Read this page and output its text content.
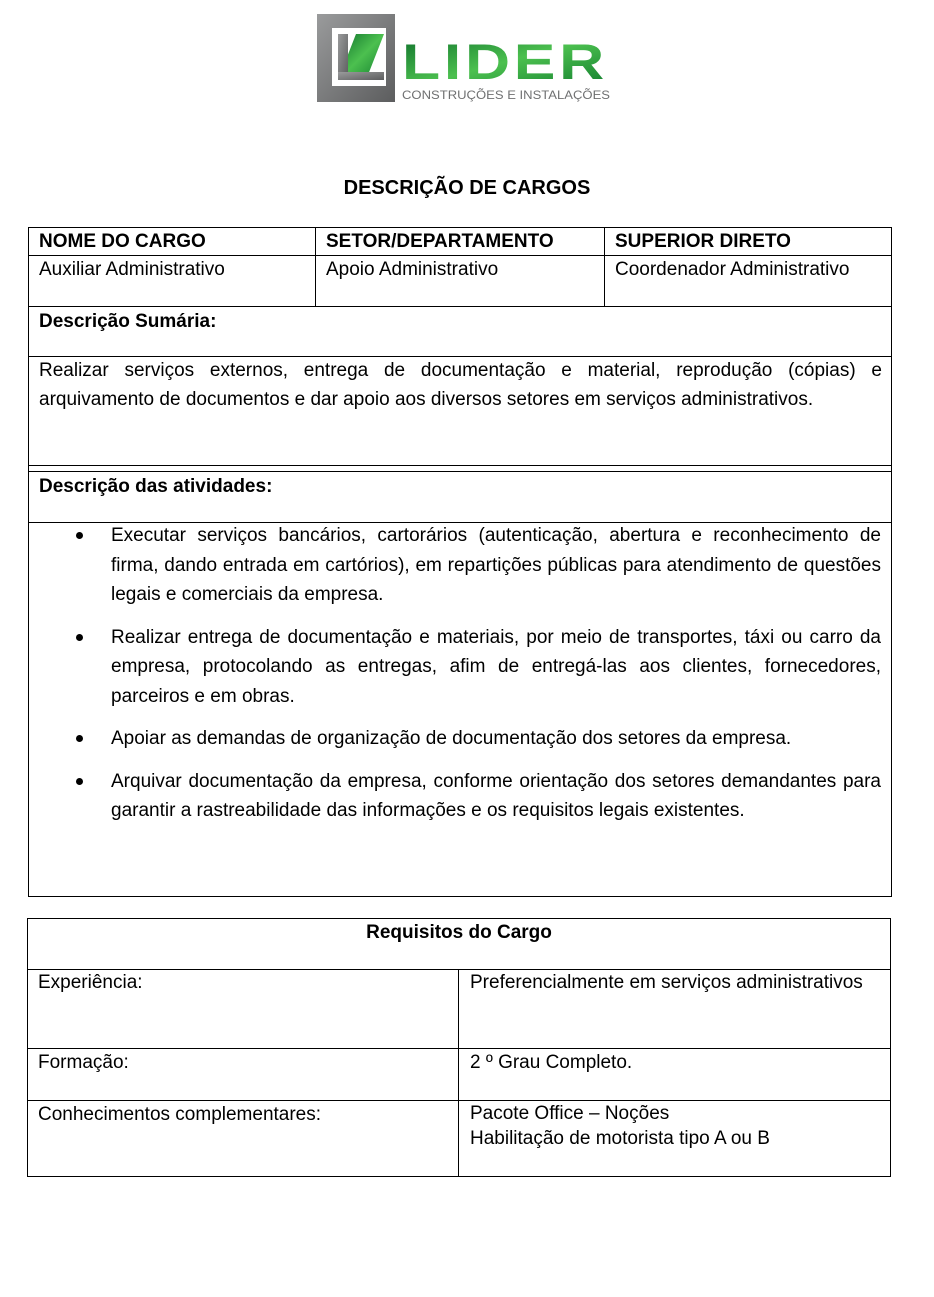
LIDER
CONSTRUÇÕES E INSTALAÇÕES
DESCRIÇÃO DE CARGOS
NOME DO CARGO	SETOR/DEPARTAMENTO	SUPERIOR DIRETO
Auxiliar Administrativo	Apoio Administrativo	Coordenador Administrativo
Descrição Sumária:
Realizar serviços externos, entrega de documentação e material, reprodução (cópias) e arquivamento de documentos e dar apoio aos diversos setores em serviços administrativos.
Descrição das atividades:
Executar serviços bancários, cartorários (autenticação, abertura e reconhecimento de firma, dando entrada em cartórios), em repartições públicas para atendimento de questões legais e comerciais da empresa.
Realizar entrega de documentação e materiais, por meio de transportes, táxi ou carro da empresa, protocolando as entregas, afim de entregá-las aos clientes, fornecedores, parceiros e em obras.
Apoiar as demandas de organização de documentação dos setores da empresa.
Arquivar documentação da empresa, conforme orientação dos setores demandantes para garantir a rastreabilidade das informações e os requisitos legais existentes.
Requisitos do Cargo
Experiência:	Preferencialmente em serviços administrativos
Formação:	2 º Grau Completo.
Conhecimentos complementares:	Pacote Office – Noções
Habilitação de motorista tipo A ou B
